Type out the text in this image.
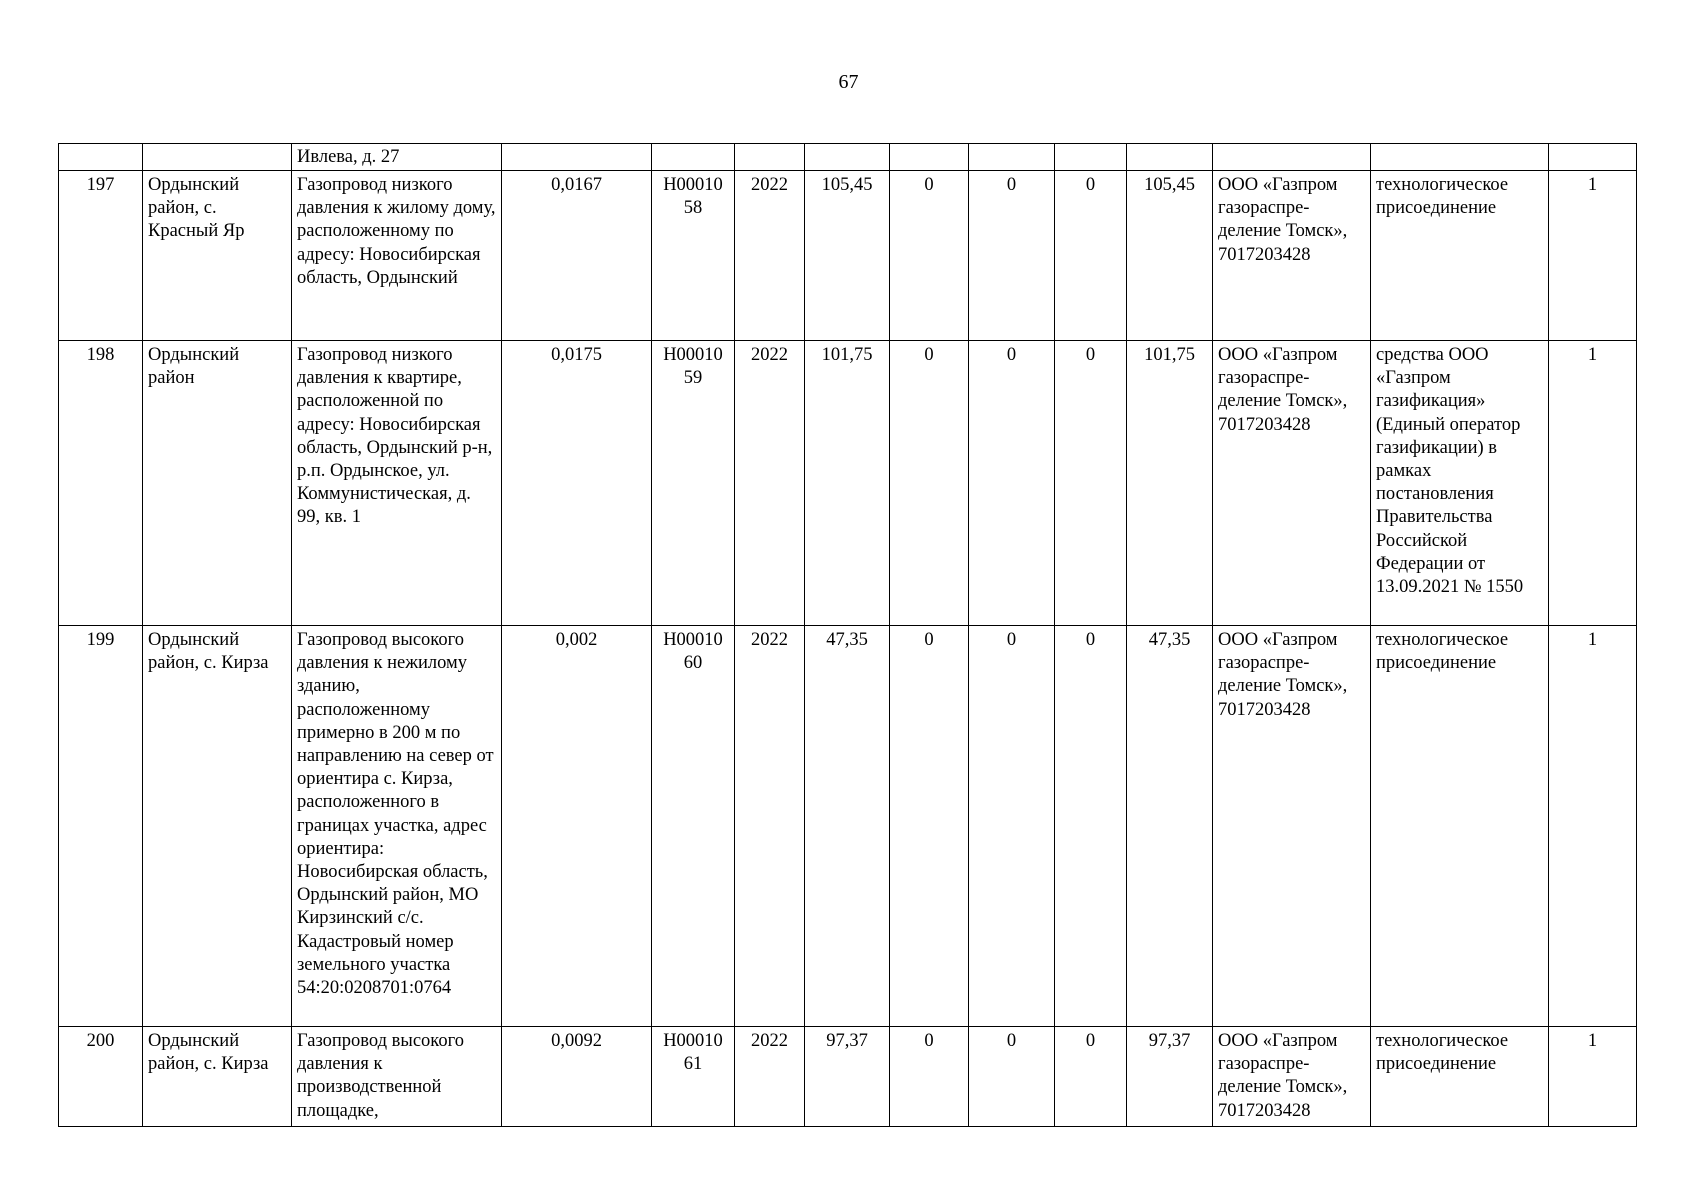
67
		Ивлева, д. 27											
197	Ордынский район, с. Красный Яр	Газопровод низкого давления к жилому дому, расположенному по адресу: Новосибирская область, Ордынский	0,0167	Н00010 58	2022	105,45	0	0	0	105,45	ООО «Газпром газораспре- деление Томск», 7017203428	технологическое присоединение	1
198	Ордынский район	Газопровод низкого давления к квартире, расположенной по адресу: Новосибирская область, Ордынский р-н, р.п. Ордынское, ул. Коммунистическая, д. 99, кв. 1	0,0175	Н00010 59	2022	101,75	0	0	0	101,75	ООО «Газпром газораспре- деление Томск», 7017203428	средства ООО «Газпром газификация» (Единый оператор газификации) в рамках постановления Правительства Российской Федерации от 13.09.2021 № 1550	1
199	Ордынский район, с. Кирза	Газопровод высокого давления к нежилому зданию, расположенному примерно в 200 м по направлению на север от ориентира с. Кирза, расположенного в границах участка, адрес ориентира: Новосибирская область, Ордынский район, МО Кирзинский с/с. Кадастровый номер земельного участка 54:20:0208701:0764	0,002	Н00010 60	2022	47,35	0	0	0	47,35	ООО «Газпром газораспре- деление Томск», 7017203428	технологическое присоединение	1
200	Ордынский район, с. Кирза	Газопровод высокого давления к производственной площадке,	0,0092	Н00010 61	2022	97,37	0	0	0	97,37	ООО «Газпром газораспре- деление Томск», 7017203428	технологическое присоединение	1
